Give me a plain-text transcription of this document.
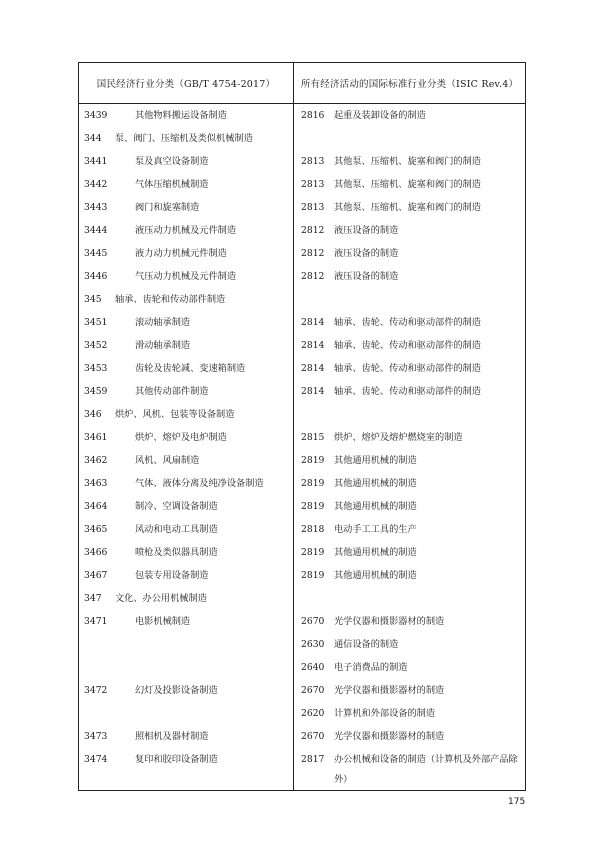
国民经济行业分类（GB/T 4754-2017）	所有经济活动的国际标准行业分类（ISIC Rev.4）
3439	其他物料搬运设备制造	2816	起重及装卸设备的制造
344	泵、阀门、压缩机及类似机械制造
3441	泵及真空设备制造	2813	其他泵、压缩机、旋塞和阀门的制造
3442	气体压缩机械制造	2813	其他泵、压缩机、旋塞和阀门的制造
3443	阀门和旋塞制造	2813	其他泵、压缩机、旋塞和阀门的制造
3444	液压动力机械及元件制造	2812	液压设备的制造
3445	液力动力机械元件制造	2812	液压设备的制造
3446	气压动力机械及元件制造	2812	液压设备的制造
345	轴承、齿轮和传动部件制造
3451	滚动轴承制造	2814	轴承、齿轮、传动和驱动部件的制造
3452	滑动轴承制造	2814	轴承、齿轮、传动和驱动部件的制造
3453	齿轮及齿轮减、变速箱制造	2814	轴承、齿轮、传动和驱动部件的制造
3459	其他传动部件制造	2814	轴承、齿轮、传动和驱动部件的制造
346	烘炉、风机、包装等设备制造
3461	烘炉、熔炉及电炉制造	2815	烘炉、熔炉及熔炉燃烧室的制造
3462	风机、风扇制造	2819	其他通用机械的制造
3463	气体、液体分离及纯净设备制造	2819	其他通用机械的制造
3464	制冷、空调设备制造	2819	其他通用机械的制造
3465	风动和电动工具制造	2818	电动手工工具的生产
3466	喷枪及类似器具制造	2819	其他通用机械的制造
3467	包装专用设备制造	2819	其他通用机械的制造
347	文化、办公用机械制造
3471	电影机械制造	2670	光学仪器和摄影器材的制造
2630	通信设备的制造
2640	电子消费品的制造
3472	幻灯及投影设备制造	2670	光学仪器和摄影器材的制造
2620	计算机和外部设备的制造
3473	照相机及器材制造	2670	光学仪器和摄影器材的制造
3474	复印和胶印设备制造	2817	办公机械和设备的制造（计算机及外部产品除外）
175
